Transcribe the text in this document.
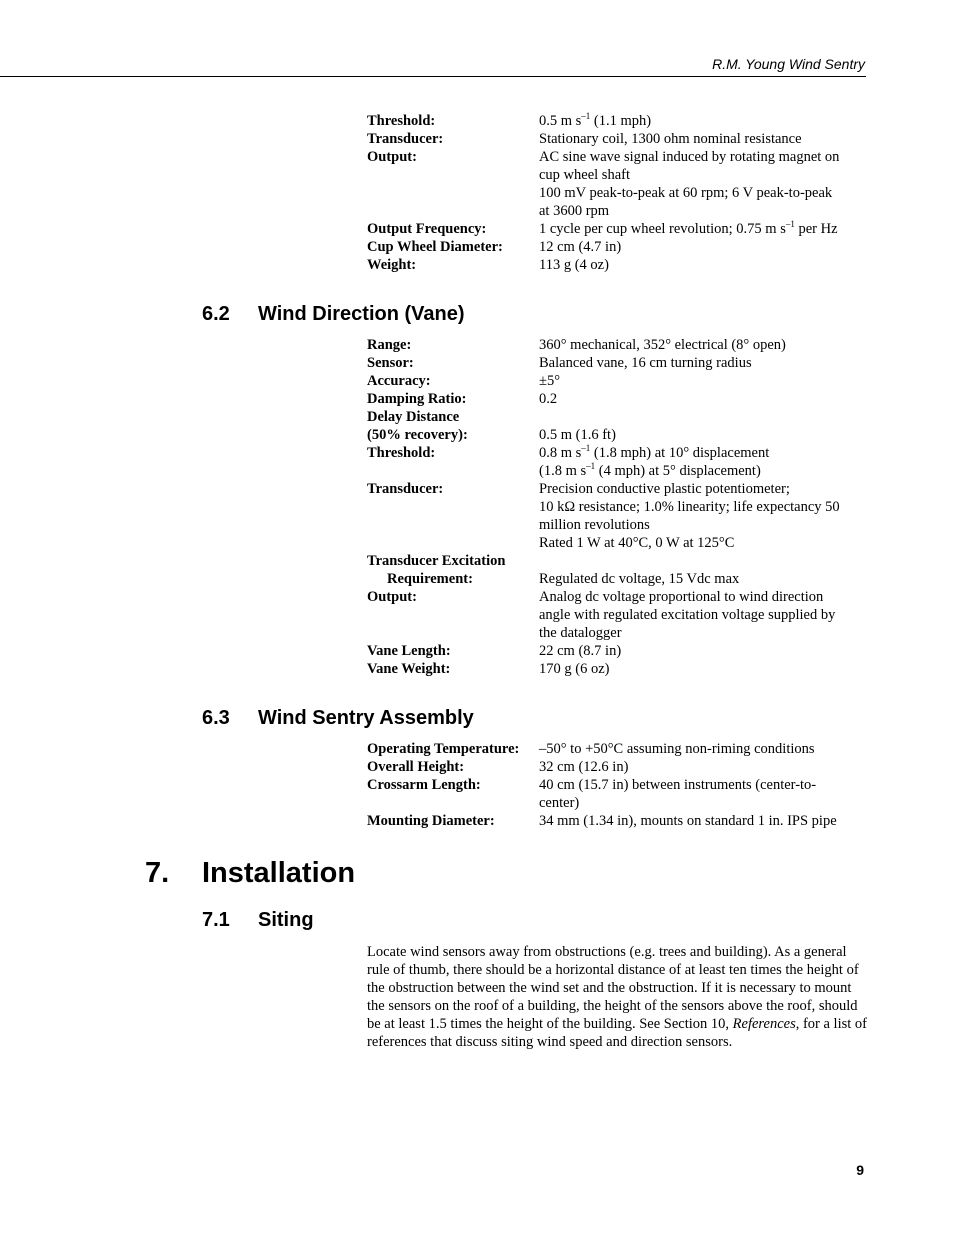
R.M. Young Wind Sentry
Threshold:	0.5 m $s^{-1}$ (1.1 mph)
Transducer:	Stationary coil, 1300 ohm nominal resistance
Output:	AC sine wave signal induced by rotating magnet on
cup wheel shaft
100 mV peak-to-peak at 60 rpm; 6 V peak-to-peak
at 3600 rpm
Output Frequency:	1 cycle per cup wheel revolution; 0.75 m $s^{-1}$ per Hz
Cup Wheel Diameter:	12 cm (4.7 in)
Weight:	113 g (4 oz)
6.2 Wind Direction (Vane)
Range:	360° mechanical, 352° electrical (8° open)
Sensor:	Balanced vane, 16 cm turning radius
Accuracy:	±5°
Damping Ratio:	0.2
Delay Distance

(50% recovery):	0.5 m (1.6 ft)
Threshold:	0.8 m $s^{-1}$ (1.8 mph) at 10° displacement
(1.8 m $s^{-1}$ (4 mph) at 5° displacement)
Transducer:	Precision conductive plastic potentiometer;
10 kΩ resistance; 1.0% linearity; life expectancy 50
million revolutions
Rated 1 W at 40°C, 0 W at 125°C
Transducer Excitation

Requirement:	Regulated dc voltage, 15 Vdc max
Output:	Analog dc voltage proportional to wind direction
angle with regulated excitation voltage supplied by
the datalogger
Vane Length:	22 cm (8.7 in)
Vane Weight:	170 g (6 oz)
6.3 Wind Sentry Assembly
Operating Temperature:	–50° to +50°C assuming non-riming conditions
Overall Height:	32 cm (12.6 in)
Crossarm Length:	40 cm (15.7 in) between instruments (center-to-
center)
Mounting Diameter:	34 mm (1.34 in), mounts on standard 1 in. IPS pipe
7. Installation
7.1 Siting
Locate wind sensors away from obstructions (e.g. trees and building). As a general rule of thumb, there should be a horizontal distance of at least ten times the height of the obstruction between the wind set and the obstruction. If it is necessary to mount the sensors on the roof of a building, the height of the sensors above the roof, should be at least 1.5 times the height of the building. See Section 10, References, for a list of references that discuss siting wind speed and direction sensors.
9
